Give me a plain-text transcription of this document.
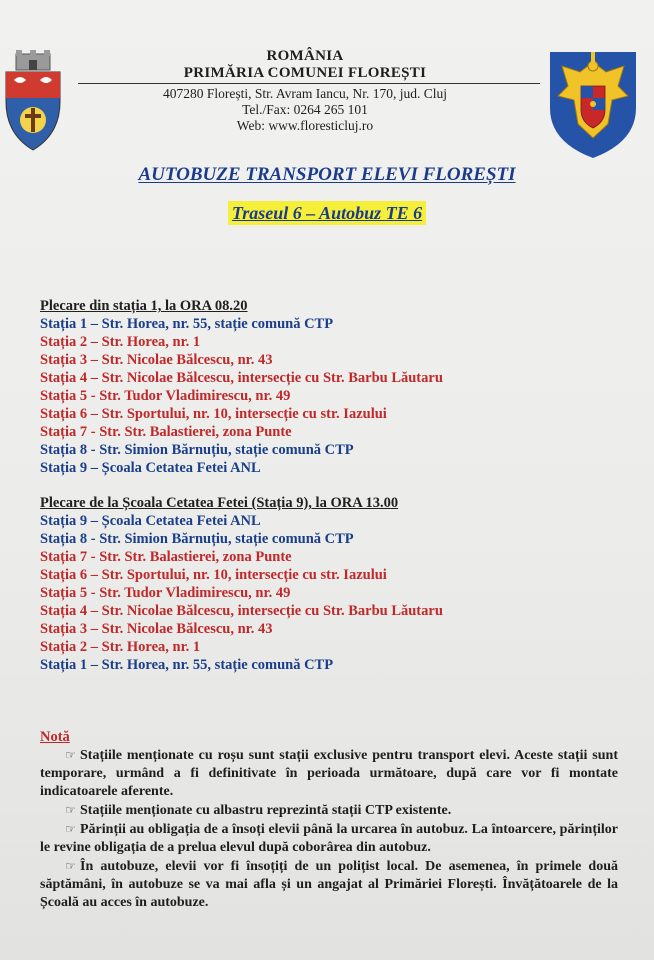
ROMÂNIA
PRIMĂRIA COMUNEI FLOREȘTI
407280 Florești, Str. Avram Iancu, Nr. 170, jud. Cluj
Tel./Fax: 0264 265 101
Web: www.floresticluj.ro
AUTOBUZE TRANSPORT ELEVI FLOREȘTI
Traseul 6 – Autobuz TE 6
Plecare din stația 1, la ORA 08.20
Stația 1 – Str. Horea, nr. 55, stație comună CTP
Stația 2 – Str. Horea, nr. 1
Stația 3 – Str. Nicolae Bălcescu, nr. 43
Stația 4 – Str. Nicolae Bălcescu, intersecție cu Str. Barbu Lăutaru
Stația 5 - Str. Tudor Vladimirescu, nr. 49
Stația 6 – Str. Sportului, nr. 10, intersecție cu str. Iazului
Stația 7 - Str. Str. Balastierei, zona Punte
Stația 8 - Str. Simion Bărnuțiu, stație comună CTP
Stația 9 – Școala Cetatea Fetei ANL
Plecare de la Școala Cetatea Fetei (Stația 9), la ORA 13.00
Stația 9 – Școala Cetatea Fetei ANL
Stația 8 - Str. Simion Bărnuțiu, stație comună CTP
Stația 7 - Str. Str. Balastierei, zona Punte
Stația 6 – Str. Sportului, nr. 10, intersecție cu str. Iazului
Stația 5 - Str. Tudor Vladimirescu, nr. 49
Stația 4 – Str. Nicolae Bălcescu, intersecție cu Str. Barbu Lăutaru
Stația 3 – Str. Nicolae Bălcescu, nr. 43
Stația 2 – Str. Horea, nr. 1
Stația 1 – Str. Horea, nr. 55, stație comună CTP
Notă

☞ Stațiile menționate cu roșu sunt stații exclusive pentru transport elevi. Aceste stații sunt temporare, urmând a fi definitivate în perioada următoare, după care vor fi montate indicatoarele aferente.

☞ Stațiile menționate cu albastru reprezintă stații CTP existente.

☞ Părinții au obligația de a însoți elevii până la urcarea în autobuz. La întoarcere, părinților le revine obligația de a prelua elevul după coborârea din autobuz.

☞ În autobuze, elevii vor fi însoțiți de un polițist local. De asemenea, în primele două săptămâni, în autobuze se va mai afla și un angajat al Primăriei Florești. Învățătoarele de la Școală au acces în autobuze.
